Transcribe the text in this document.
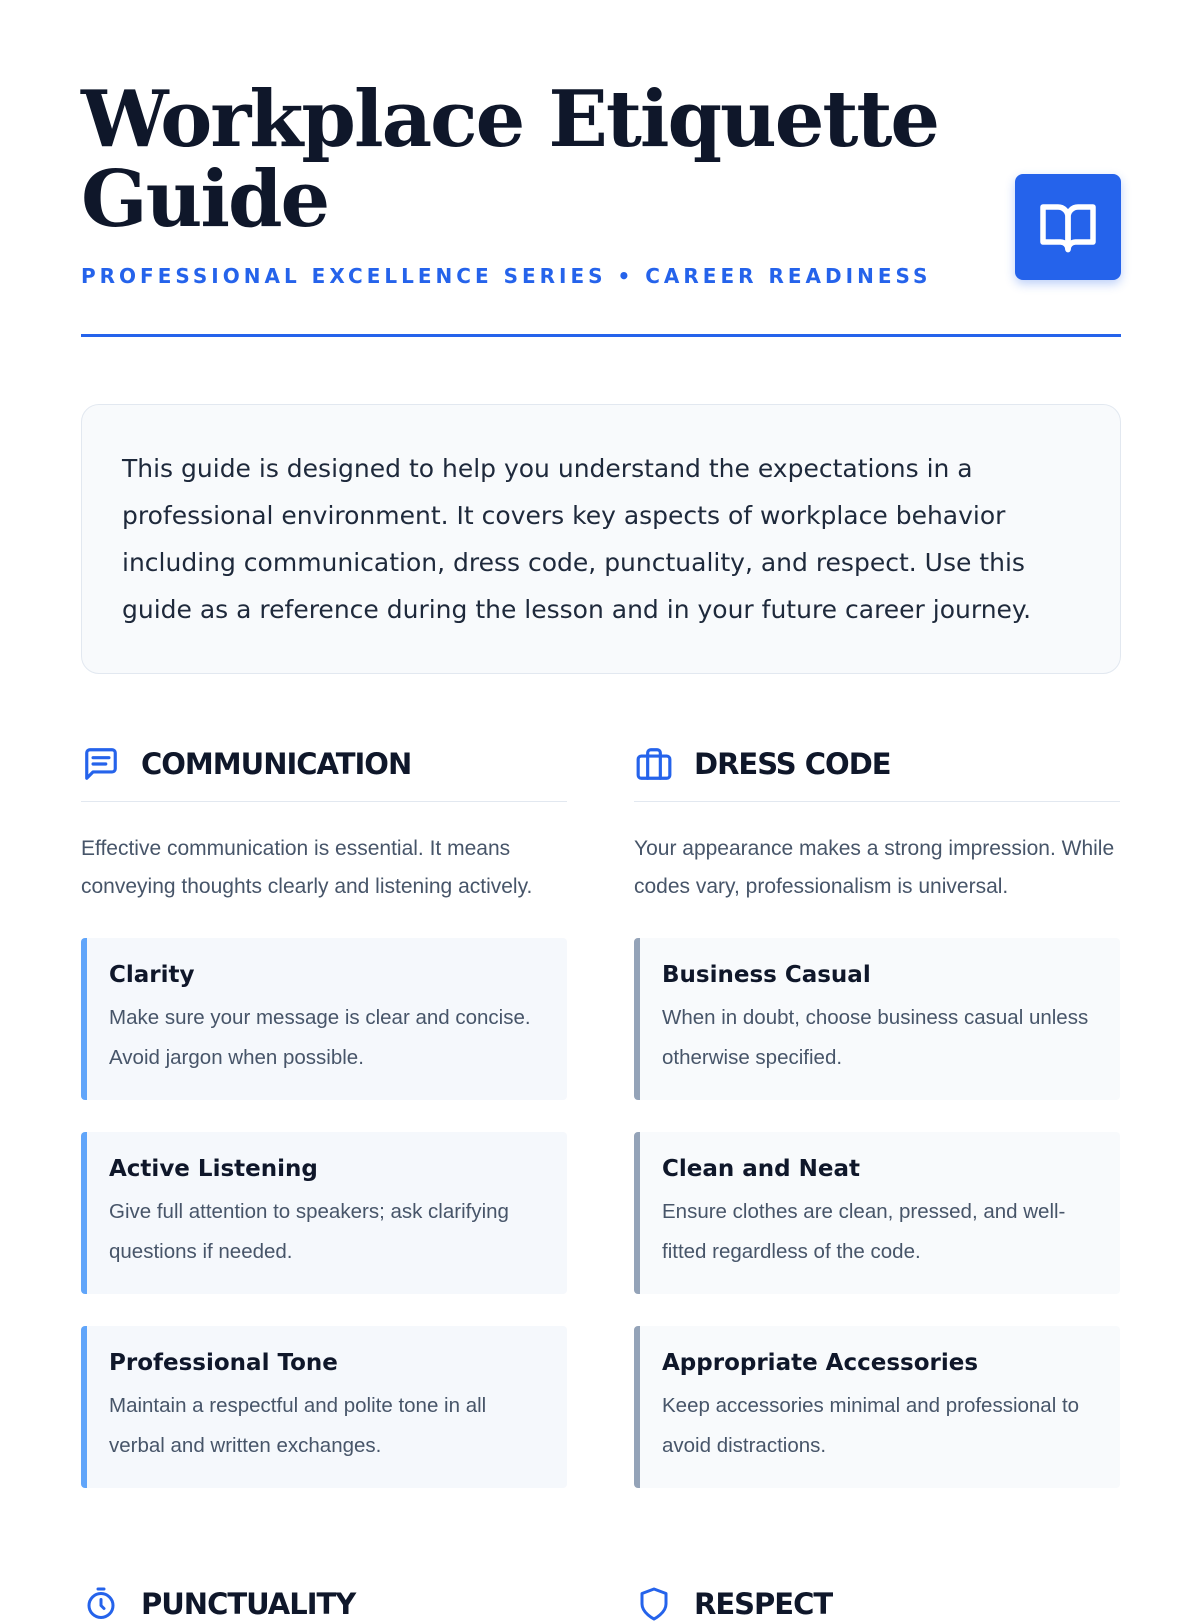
Workplace Etiquette Guide
PROFESSIONAL EXCELLENCE SERIES • CAREER READINESS

This guide is designed to help you understand the expectations in a professional environment. It covers key aspects of workplace behavior including communication, dress code, punctuality, and respect. Use this guide as a reference during the lesson and in your future career journey.

COMMUNICATION

Effective communication is essential. It means conveying thoughts clearly and listening actively.

Clarity
Make sure your message is clear and concise. Avoid jargon when possible.
Active Listening
Give full attention to speakers; ask clarifying questions if needed.
Professional Tone
Maintain a respectful and polite tone in all verbal and written exchanges.
DRESS CODE

Your appearance makes a strong impression. While codes vary, professionalism is universal.

Business Casual
When in doubt, choose business casual unless otherwise specified.
Clean and Neat
Ensure clothes are clean, pressed, and well-fitted regardless of the code.
Appropriate Accessories
Keep accessories minimal and professional to avoid distractions.
PUNCTUALITY	RESPECT
